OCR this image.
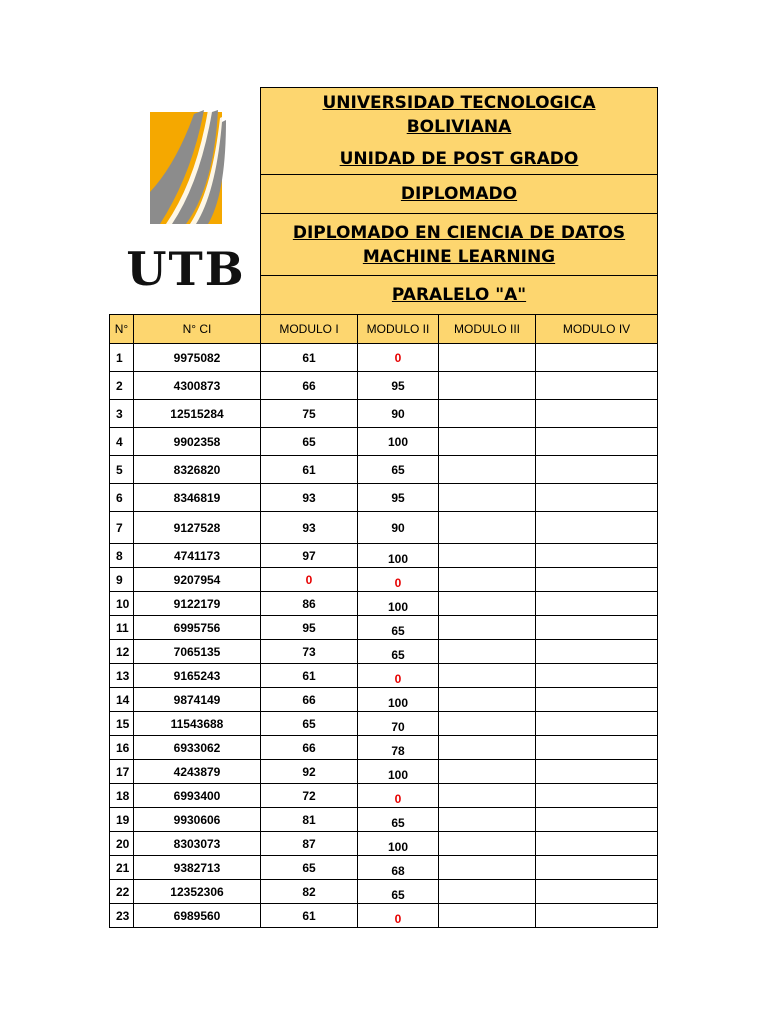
UTB
UNIVERSIDAD TECNOLOGICA
BOLIVIANA
UNIDAD DE POST GRADO
DIPLOMADO
DIPLOMADO EN CIENCIA DE DATOS
MACHINE LEARNING
PARALELO "A"
N°	N° CI	MODULO I	MODULO II	MODULO III	MODULO IV
1	9975082	61	0		
2	4300873	66	95		
3	12515284	75	90		
4	9902358	65	100		
5	8326820	61	65		
6	8346819	93	95		
7	9127528	93	90		
8	4741173	97	100		
9	9207954	0	0		
10	9122179	86	100		
11	6995756	95	65		
12	7065135	73	65		
13	9165243	61	0		
14	9874149	66	100		
15	11543688	65	70		
16	6933062	66	78		
17	4243879	92	100		
18	6993400	72	0		
19	9930606	81	65		
20	8303073	87	100		
21	9382713	65	68		
22	12352306	82	65		
23	6989560	61	0		
